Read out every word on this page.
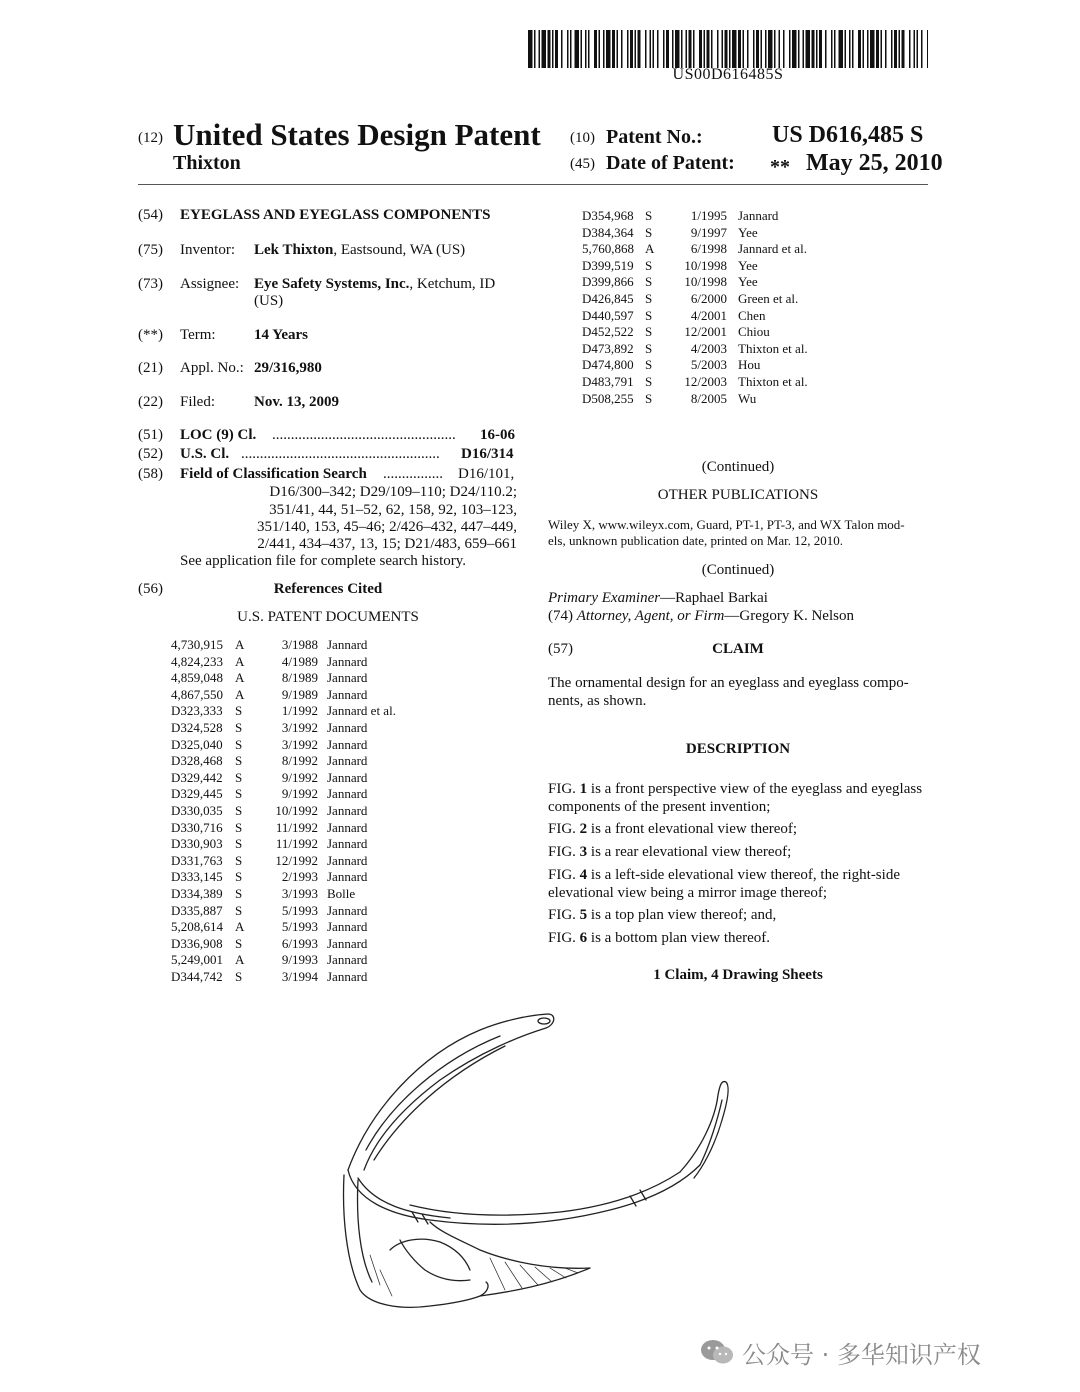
US00D616485S
(12) United States Design Patent
Thixton
(10) Patent No.:	US D616,485 S
(45) Date of Patent: ** May 25, 2010
(54) EYEGLASS AND EYEGLASS COMPONENTS
(75) Inventor: Lek Thixton, Eastsound, WA (US)
(73) Assignee: Eye Safety Systems, Inc., Ketchum, ID
(US)
(**) Term:	14 Years
(21) Appl. No.: 29/316,980
(22) Filed:	Nov. 13, 2009
(51) LOC (9) Cl. .................................................	16-06
(52) U.S. Cl. .....................................................	D16/314
(58) Field of Classification Search ................	D16/101,
D16/300–342; D29/109–110; D24/110.2;
351/41, 44, 51–52, 62, 158, 92, 103–123,
351/140, 153, 45–46; 2/426–432, 447–449,
2/441, 434–437, 13, 15; D21/483, 659–661
See application file for complete search history.
(56)	References Cited
U.S. PATENT DOCUMENTS
4,730,915 A	3/1988 Jannard
4,824,233 A	4/1989 Jannard
4,859,048 A	8/1989 Jannard
4,867,550 A	9/1989 Jannard
D323,333 S	1/1992 Jannard et al.
D324,528 S	3/1992 Jannard
D325,040 S	3/1992 Jannard
D328,468 S	8/1992 Jannard
D329,442 S	9/1992 Jannard
D329,445 S	9/1992 Jannard
D330,035 S	10/1992 Jannard
D330,716 S	11/1992 Jannard
D330,903 S	11/1992 Jannard
D331,763 S	12/1992 Jannard
D333,145 S	2/1993 Jannard
D334,389 S	3/1993 Bolle
D335,887 S	5/1993 Jannard
5,208,614 A	5/1993 Jannard
D336,908 S	6/1993 Jannard
5,249,001 A	9/1993 Jannard
D344,742 S	3/1994 Jannard
D354,968 S	1/1995 Jannard
D384,364 S	9/1997 Yee
5,760,868 A	6/1998 Jannard et al.
D399,519 S 10/1998 Yee
D399,866 S 10/1998 Yee
D426,845 S	6/2000 Green et al.
D440,597 S	4/2001 Chen
D452,522 S 12/2001 Chiou
D473,892 S	4/2003 Thixton et al.
D474,800 S	5/2003 Hou
D483,791 S 12/2003 Thixton et al.
D508,255 S	8/2005 Wu
(Continued)
OTHER PUBLICATIONS
Wiley X, www.wileyx.com, Guard, PT-1, PT-3, and WX Talon mod-
els, unknown publication date, printed on Mar. 12, 2010.
(Continued)
Primary Examiner—Raphael Barkai
(74) Attorney, Agent, or Firm—Gregory K. Nelson
(57)	CLAIM
The ornamental design for an eyeglass and eyeglass compo-
nents, as shown.
DESCRIPTION
FIG. 1 is a front perspective view of the eyeglass and eyeglass
components of the present invention;
FIG. 2 is a front elevational view thereof;
FIG. 3 is a rear elevational view thereof;
FIG. 4 is a left-side elevational view thereof, the right-side
elevational view being a mirror image thereof;
FIG. 5 is a top plan view thereof; and,
FIG. 6 is a bottom plan view thereof.
1 Claim, 4 Drawing Sheets
公众号 · 多华知识产权
